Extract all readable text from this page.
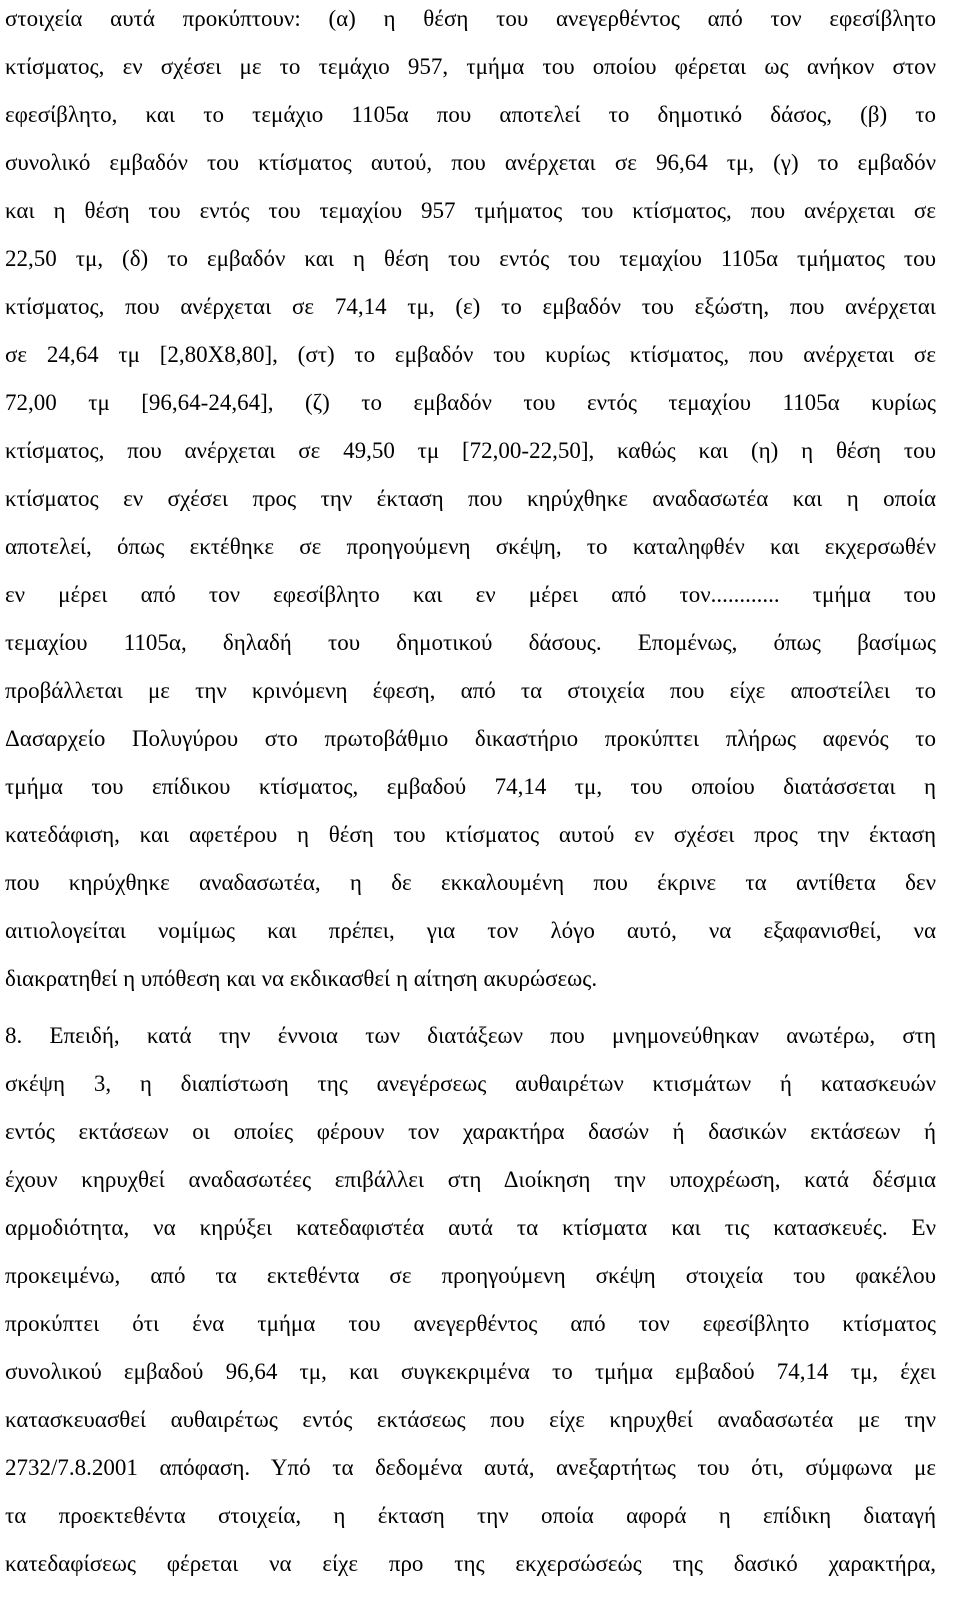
στοιχεία αυτά προκύπτουν: (α) η θέση του ανεγερθέντος από τον εφεσίβλητο
κτίσματος, εν σχέσει με το τεμάχιο 957, τμήμα του οποίου φέρεται ως ανήκον στον
εφεσίβλητο, και το τεμάχιο 1105α που αποτελεί το δημοτικό δάσος, (β) το
συνολικό εμβαδόν του κτίσματος αυτού, που ανέρχεται σε 96,64 τμ, (γ) το εμβαδόν
και η θέση του εντός του τεμαχίου 957 τμήματος του κτίσματος, που ανέρχεται σε
22,50 τμ, (δ) το εμβαδόν και η θέση του εντός του τεμαχίου 1105α τμήματος του
κτίσματος, που ανέρχεται σε 74,14 τμ, (ε) το εμβαδόν του εξώστη, που ανέρχεται
σε 24,64 τμ [2,80Χ8,80], (στ) το εμβαδόν του κυρίως κτίσματος, που ανέρχεται σε
72,00 τμ [96,64-24,64], (ζ) το εμβαδόν του εντός τεμαχίου 1105α κυρίως
κτίσματος, που ανέρχεται σε 49,50 τμ [72,00-22,50], καθώς και (η) η θέση του
κτίσματος εν σχέσει προς την έκταση που κηρύχθηκε αναδασωτέα και η οποία
αποτελεί, όπως εκτέθηκε σε προηγούμενη σκέψη, το καταληφθέν και εκχερσωθέν
εν μέρει από τον εφεσίβλητο και εν μέρει από τον............ τμήμα του
τεμαχίου 1105α, δηλαδή του δημοτικού δάσους. Επομένως, όπως βασίμως
προβάλλεται με την κρινόμενη έφεση, από τα στοιχεία που είχε αποστείλει το
Δασαρχείο Πολυγύρου στο πρωτοβάθμιο δικαστήριο προκύπτει πλήρως αφενός το
τμήμα του επίδικου κτίσματος, εμβαδού 74,14 τμ, του οποίου διατάσσεται η
κατεδάφιση, και αφετέρου η θέση του κτίσματος αυτού εν σχέσει προς την έκταση
που κηρύχθηκε αναδασωτέα, η δε εκκαλουμένη που έκρινε τα αντίθετα δεν
αιτιολογείται νομίμως και πρέπει, για τον λόγο αυτό, να εξαφανισθεί, να
διακρατηθεί η υπόθεση και να εκδικασθεί η αίτηση ακυρώσεως.
8. Επειδή, κατά την έννοια των διατάξεων που μνημονεύθηκαν ανωτέρω, στη
σκέψη 3, η διαπίστωση της ανεγέρσεως αυθαιρέτων κτισμάτων ή κατασκευών
εντός εκτάσεων οι οποίες φέρουν τον χαρακτήρα δασών ή δασικών εκτάσεων ή
έχουν κηρυχθεί αναδασωτέες επιβάλλει στη Διοίκηση την υποχρέωση, κατά δέσμια
αρμοδιότητα, να κηρύξει κατεδαφιστέα αυτά τα κτίσματα και τις κατασκευές. Εν
προκειμένω, από τα εκτεθέντα σε προηγούμενη σκέψη στοιχεία του φακέλου
προκύπτει ότι ένα τμήμα του ανεγερθέντος από τον εφεσίβλητο κτίσματος
συνολικού εμβαδού 96,64 τμ, και συγκεκριμένα το τμήμα εμβαδού 74,14 τμ, έχει
κατασκευασθεί αυθαιρέτως εντός εκτάσεως που είχε κηρυχθεί αναδασωτέα με την
2732/7.8.2001 απόφαση. Υπό τα δεδομένα αυτά, ανεξαρτήτως του ότι, σύμφωνα με
τα προεκτεθέντα στοιχεία, η έκταση την οποία αφορά η επίδικη διαταγή
κατεδαφίσεως φέρεται να είχε προ της εκχερσώσεώς της δασικό χαρακτήρα,
